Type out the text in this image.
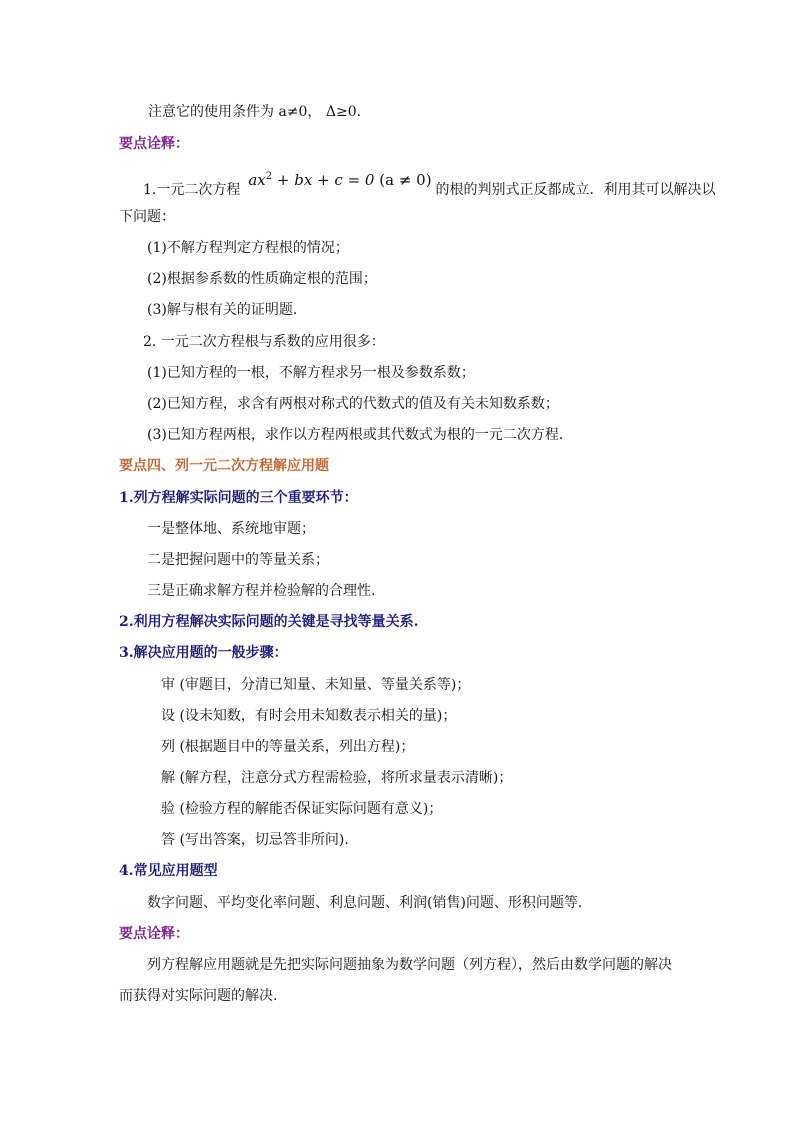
注意它的使用条件为 a≠0， Δ≥0.
要点诠释：
1.一元二次方程$ax^2$ + bx + c = 0 (a ≠ 0)的根的判别式正反都成立．利用其可以解决以
下问题：
(1)不解方程判定方程根的情况；
(2)根据参系数的性质确定根的范围；
(3)解与根有关的证明题．
2. 一元二次方程根与系数的应用很多：
(1)已知方程的一根，不解方程求另一根及参数系数；
(2)已知方程，求含有两根对称式的代数式的值及有关未知数系数；
(3)已知方程两根，求作以方程两根或其代数式为根的一元二次方程．
要点四、列一元二次方程解应用题
1.列方程解实际问题的三个重要环节：
一是整体地、系统地审题；
二是把握问题中的等量关系；
三是正确求解方程并检验解的合理性.
2.利用方程解决实际问题的关键是寻找等量关系.
3.解决应用题的一般步骤：
审 (审题目，分清已知量、未知量、等量关系等)；
设 (设未知数，有时会用未知数表示相关的量)；
列 (根据题目中的等量关系，列出方程)；
解 (解方程，注意分式方程需检验，将所求量表示清晰)；
验 (检验方程的解能否保证实际问题有意义)；
答 (写出答案，切忌答非所问).
4.常见应用题型
数字问题、平均变化率问题、利息问题、利润(销售)问题、形积问题等.
要点诠释：
列方程解应用题就是先把实际问题抽象为数学问题（列方程），然后由数学问题的解决
而获得对实际问题的解决.
